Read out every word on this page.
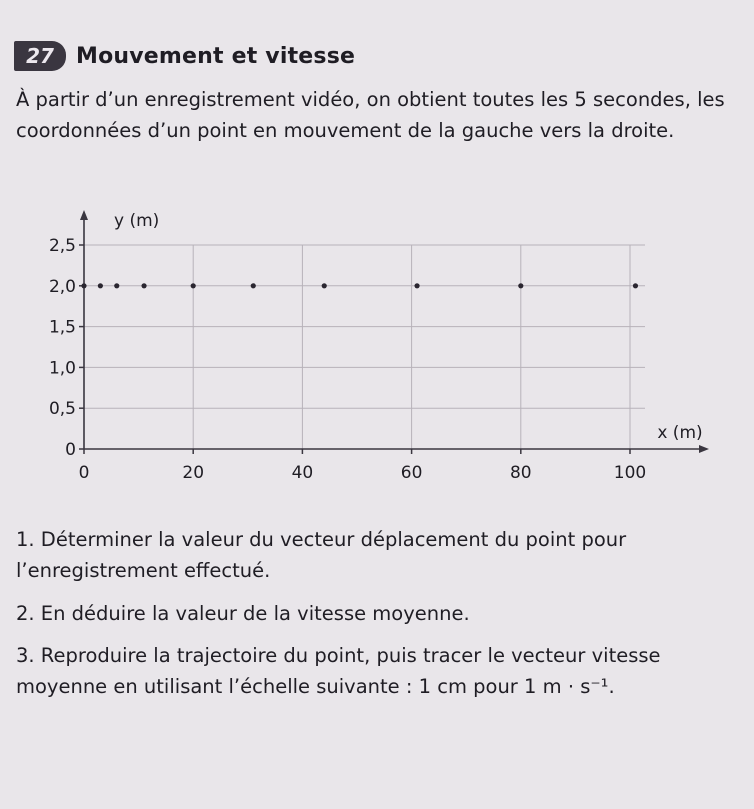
27	Mouvement et vitesse

À partir d’un enregistrement vidéo, on obtient toutes les 5 secondes, les coordonnées d’un point en mouvement de la gauche vers la droite.

0
0,5
1,0
1,5
2,0
2,5
0	20	40	60	80	100
y (m)
x (m)

1. Déterminer la valeur du vecteur déplacement du point pour l’enregistrement effectué.

2. En déduire la valeur de la vitesse moyenne.

3. Reproduire la trajectoire du point, puis tracer le vecteur vitesse moyenne en utilisant l’échelle suivante : 1 cm pour 1 m · s⁻¹.
